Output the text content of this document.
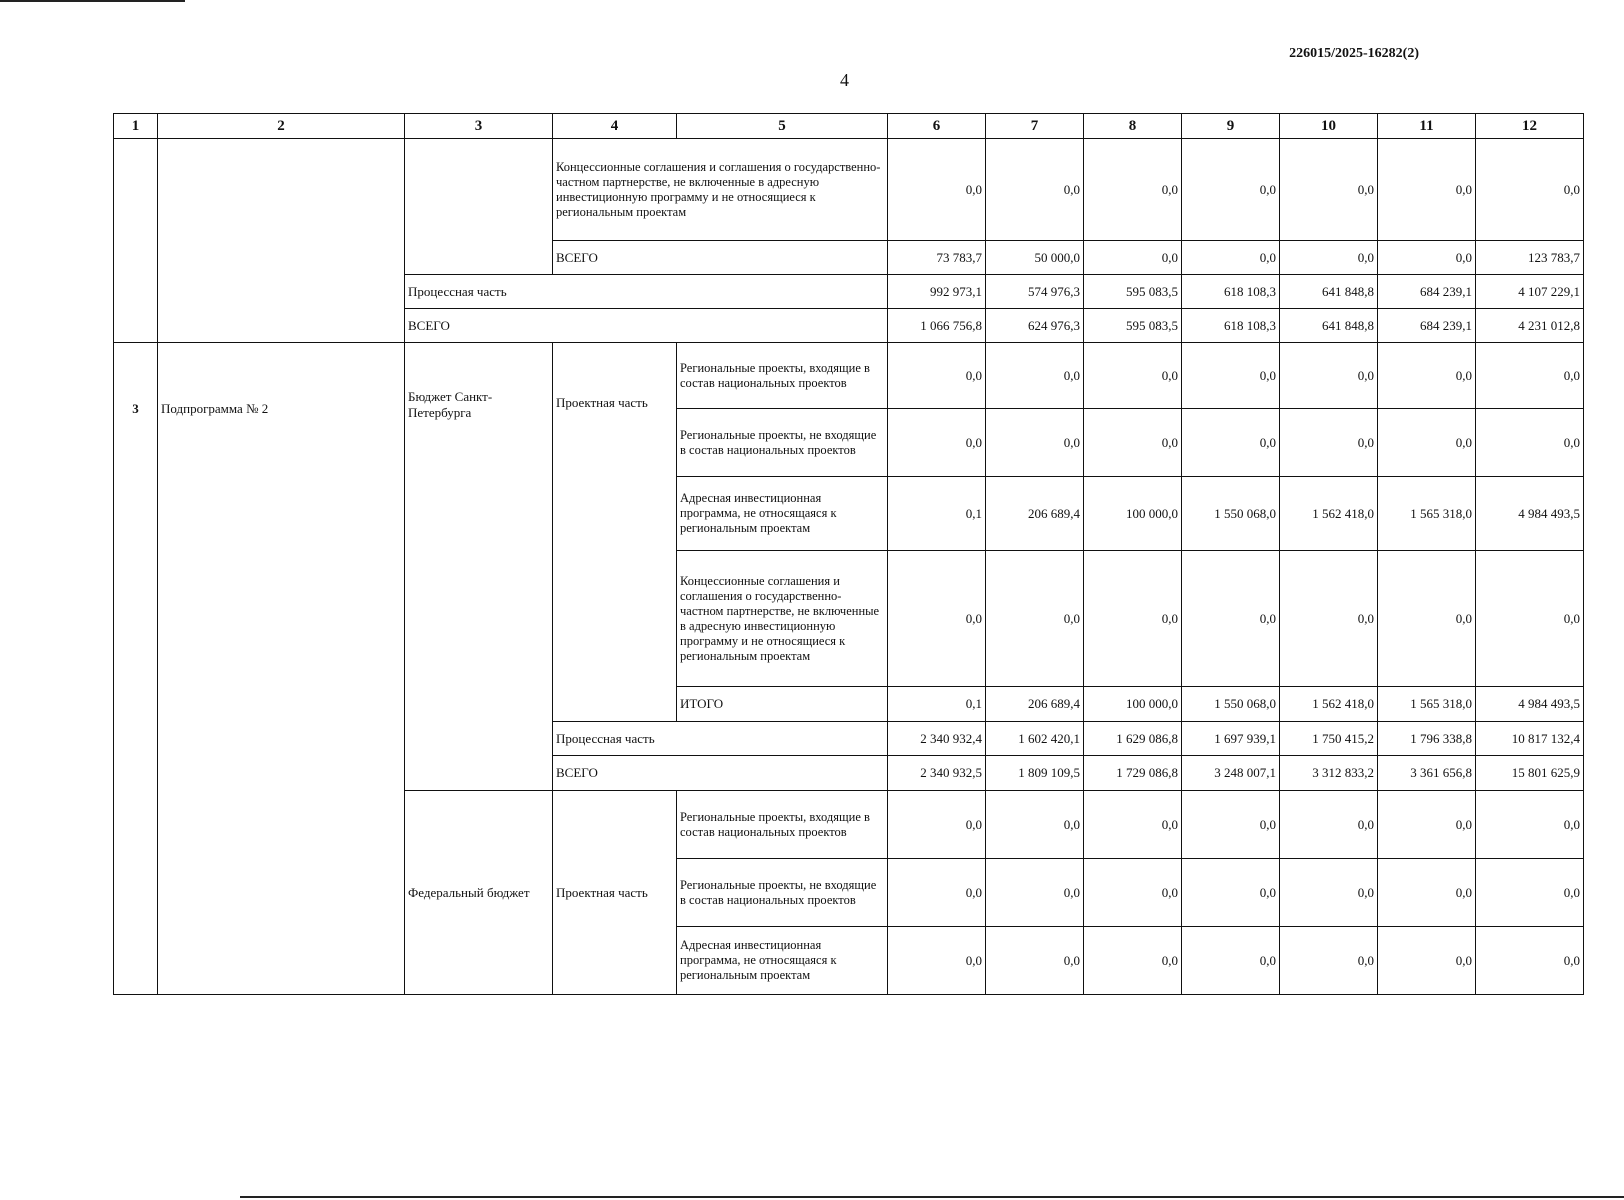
226015/2025-16282(2)
4
1	2	3	4	5	6	7	8	9	10	11	12
			Концессионные соглашения и соглашения о государственно-частном партнерстве, не включенные в адресную инвестиционную программу и не относящиеся к региональным проектам		0,0	0,0	0,0	0,0	0,0	0,0	0,0
			ВСЕГО		73 783,7	50 000,0	0,0	0,0	0,0	0,0	123 783,7
		Процессная часть			992 973,1	574 976,3	595 083,5	618 108,3	641 848,8	684 239,1	4 107 229,1
		ВСЕГО			1 066 756,8	624 976,3	595 083,5	618 108,3	641 848,8	684 239,1	4 231 012,8
3	Подпрограмма № 2	Бюджет Санкт-Петербурга	Проектная часть	Региональные проекты, входящие в состав национальных проектов	0,0	0,0	0,0	0,0	0,0	0,0	0,0
				Региональные проекты, не входящие в состав национальных проектов	0,0	0,0	0,0	0,0	0,0	0,0	0,0
				Адресная инвестиционная программа, не относящаяся к региональным проектам	0,1	206 689,4	100 000,0	1 550 068,0	1 562 418,0	1 565 318,0	4 984 493,5
				Концессионные соглашения и соглашения о государственно-частном партнерстве, не включенные в адресную инвестиционную программу и не относящиеся к региональным проектам	0,0	0,0	0,0	0,0	0,0	0,0	0,0
				ИТОГО	0,1	206 689,4	100 000,0	1 550 068,0	1 562 418,0	1 565 318,0	4 984 493,5
			Процессная часть		2 340 932,4	1 602 420,1	1 629 086,8	1 697 939,1	1 750 415,2	1 796 338,8	10 817 132,4
			ВСЕГО		2 340 932,5	1 809 109,5	1 729 086,8	3 248 007,1	3 312 833,2	3 361 656,8	15 801 625,9
		Федеральный бюджет	Проектная часть	Региональные проекты, входящие в состав национальных проектов	0,0	0,0	0,0	0,0	0,0	0,0	0,0
				Региональные проекты, не входящие в состав национальных проектов	0,0	0,0	0,0	0,0	0,0	0,0	0,0
				Адресная инвестиционная программа, не относящаяся к региональным проектам	0,0	0,0	0,0	0,0	0,0	0,0	0,0
